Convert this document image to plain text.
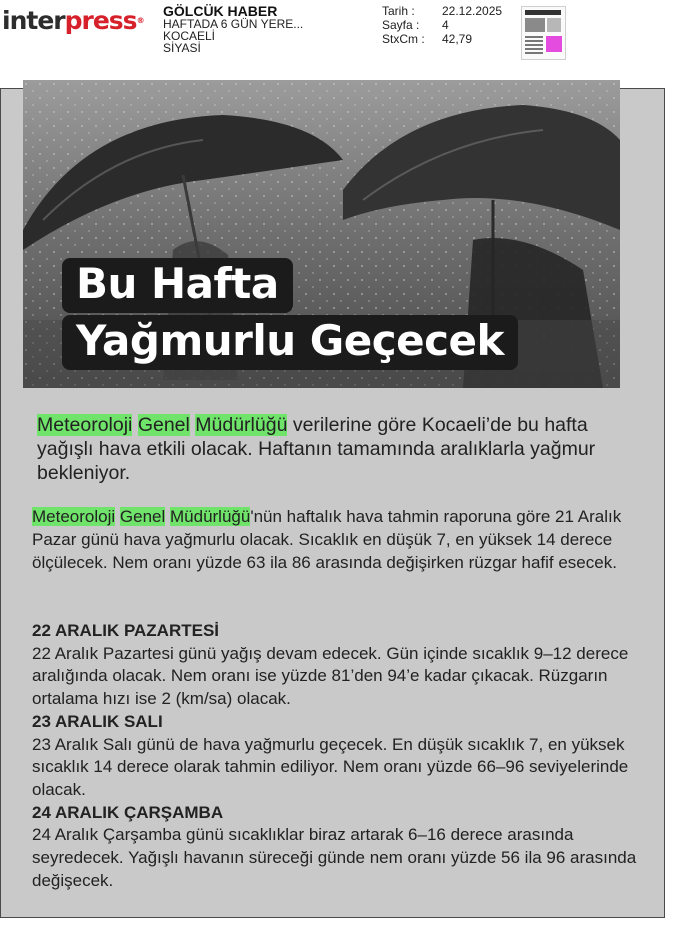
interpress®
GÖLCÜK HABER
HAFTADA 6 GÜN YERE...
KOCAELİ
SİYASİ
Tarih :	22.12.2025
Sayfa :	4
StxCm :	42,79
Bu Hafta
Yağmurlu Geçecek
Meteoroloji Genel Müdürlüğü verilerine göre Kocaeli’de bu hafta yağışlı hava etkili olacak. Haftanın tamamında aralıklarla yağmur bekleniyor.
Meteoroloji Genel Müdürlüğü'nün haftalık hava tahmin raporuna göre 21 Aralık Pazar günü hava yağmurlu olacak. Sıcaklık en düşük 7, en yüksek 14 derece ölçülecek. Nem oranı yüzde 63 ila 86 arasında değişirken rüzgar hafif esecek.
22 ARALIK PAZARTESİ
22 Aralık Pazartesi günü yağış devam edecek. Gün içinde sıcaklık 9–12 derece aralığında olacak. Nem oranı ise yüzde 81’den 94’e kadar çıkacak. Rüzgarın ortalama hızı ise 2 (km/sa) olacak.
23 ARALIK SALI
23 Aralık Salı günü de hava yağmurlu geçecek. En düşük sıcaklık 7, en yüksek sıcaklık 14 derece olarak tahmin ediliyor. Nem oranı yüzde 66–96 seviyelerinde olacak.
24 ARALIK ÇARŞAMBA
24 Aralık Çarşamba günü sıcaklıklar biraz artarak 6–16 derece arasında seyredecek. Yağışlı havanın süreceği günde nem oranı yüzde 56 ila 96 arasında değişecek.
